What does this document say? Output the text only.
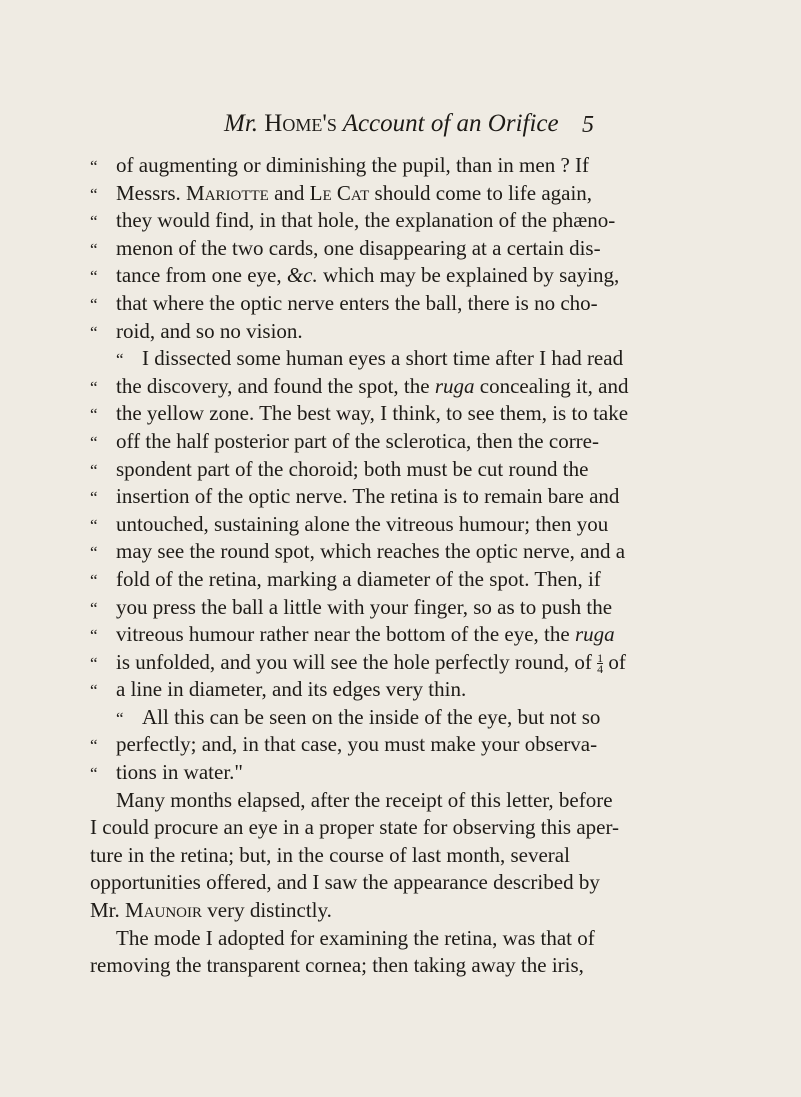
Mr. Home's Account of an Orifice 5
“ of augmenting or diminishing the pupil, than in men ? If
“ Messrs. Mariotte and Le Cat should come to life again,
“ they would find, in that hole, the explanation of the phæno-
“ menon of the two cards, one disappearing at a certain dis-
“ tance from one eye, &c. which may be explained by saying,
“ that where the optic nerve enters the ball, there is no cho-
“ roid, and so no vision.
“ I dissected some human eyes a short time after I had read
“ the discovery, and found the spot, the ruga concealing it, and
“ the yellow zone. The best way, I think, to see them, is to take
“ off the half posterior part of the sclerotica, then the corre-
“ spondent part of the choroid; both must be cut round the
“ insertion of the optic nerve. The retina is to remain bare and
“ untouched, sustaining alone the vitreous humour; then you
“ may see the round spot, which reaches the optic nerve, and a
“ fold of the retina, marking a diameter of the spot. Then, if
“ you press the ball a little with your finger, so as to push the
“ vitreous humour rather near the bottom of the eye, the ruga
“ is unfolded, and you will see the hole perfectly round, of $\frac{1}{4}$ of
“ a line in diameter, and its edges very thin.
“ All this can be seen on the inside of the eye, but not so
“ perfectly; and, in that case, you must make your observa-
“ tions in water."
Many months elapsed, after the receipt of this letter, before
I could procure an eye in a proper state for observing this aper-
ture in the retina; but, in the course of last month, several
opportunities offered, and I saw the appearance described by
Mr. Maunoir very distinctly.
The mode I adopted for examining the retina, was that of
removing the transparent cornea; then taking away the iris,
